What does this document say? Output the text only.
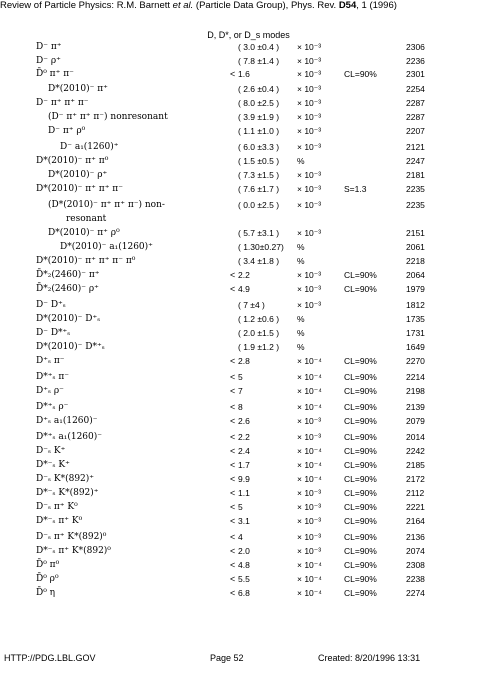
Review of Particle Physics: R.M. Barnett et al. (Particle Data Group), Phys. Rev. D54, 1 (1996)
D, D*, or D_s modes
D⁻ π⁺	( 3.0 ±0.4 ) × 10⁻³	2306
D⁻ ρ⁺	( 7.8 ±1.4 ) × 10⁻³	2236
D̄⁰ π⁺ π⁻	< 1.6	× 10⁻³	CL=90%	2301
D*(2010)⁻ π⁺	( 2.6 ±0.4 ) × 10⁻³	2254
D⁻ π⁺ π⁺ π⁻	( 8.0 ±2.5 ) × 10⁻³	2287
(D⁻ π⁺ π⁺ π⁻) nonresonant	( 3.9 ±1.9 ) × 10⁻³	2287
D⁻ π⁺ ρ⁰	( 1.1 ±1.0 ) × 10⁻³	2207
D⁻ a₁(1260)⁺	( 6.0 ±3.3 ) × 10⁻³	2121
D*(2010)⁻ π⁺ π⁰	( 1.5 ±0.5 ) %	2247
D*(2010)⁻ ρ⁺	( 7.3 ±1.5 ) × 10⁻³	2181
D*(2010)⁻ π⁺ π⁺ π⁻	( 7.6 ±1.7 ) × 10⁻³	S=1.3	2235
(D*(2010)⁻ π⁺ π⁺ π⁻) non-	( 0.0 ±2.5 ) × 10⁻³	2235
resonant
D*(2010)⁻ π⁺ ρ⁰	( 5.7 ±3.1 ) × 10⁻³	2151
D*(2010)⁻ a₁(1260)⁺	( 1.30±0.27) %	2061
D*(2010)⁻ π⁺ π⁺ π⁻ π⁰	( 3.4 ±1.8 ) %	2218
D̄*₂(2460)⁻ π⁺	< 2.2	× 10⁻³	CL=90%	2064
D̄*₂(2460)⁻ ρ⁺	< 4.9	× 10⁻³	CL=90%	1979
D⁻ D⁺ₛ	( 7 ±4 )	× 10⁻³	1812
D*(2010)⁻ D⁺ₛ	( 1.2 ±0.6 ) %	1735
D⁻ D*⁺ₛ	( 2.0 ±1.5 ) %	1731
D*(2010)⁻ D*⁺ₛ	( 1.9 ±1.2 ) %	1649
D⁺ₛ π⁻	< 2.8	× 10⁻⁴	CL=90%	2270
D*⁺ₛ π⁻	< 5	× 10⁻⁴	CL=90%	2214
D⁺ₛ ρ⁻	< 7	× 10⁻⁴	CL=90%	2198
D*⁺ₛ ρ⁻	< 8	× 10⁻⁴	CL=90%	2139
D⁺ₛ a₁(1260)⁻	< 2.6	× 10⁻³	CL=90%	2079
D*⁺ₛ a₁(1260)⁻	< 2.2	× 10⁻³	CL=90%	2014
D⁻ₛ K⁺	< 2.4	× 10⁻⁴	CL=90%	2242
D*⁻ₛ K⁺	< 1.7	× 10⁻⁴	CL=90%	2185
D⁻ₛ K*(892)⁺	< 9.9	× 10⁻⁴	CL=90%	2172
D*⁻ₛ K*(892)⁺	< 1.1	× 10⁻³	CL=90%	2112
D⁻ₛ π⁺ K⁰	< 5	× 10⁻³	CL=90%	2221
D*⁻ₛ π⁺ K⁰	< 3.1	× 10⁻³	CL=90%	2164
D⁻ₛ π⁺ K*(892)⁰	< 4	× 10⁻³	CL=90%	2136
D*⁻ₛ π⁺ K*(892)⁰	< 2.0	× 10⁻³	CL=90%	2074
D̄⁰ π⁰	< 4.8	× 10⁻⁴	CL=90%	2308
D̄⁰ ρ⁰	< 5.5	× 10⁻⁴	CL=90%	2238
D̄⁰ η	< 6.8	× 10⁻⁴	CL=90%	2274
HTTP://PDG.LBL.GOV	Page 52	Created: 8/20/1996 13:31
